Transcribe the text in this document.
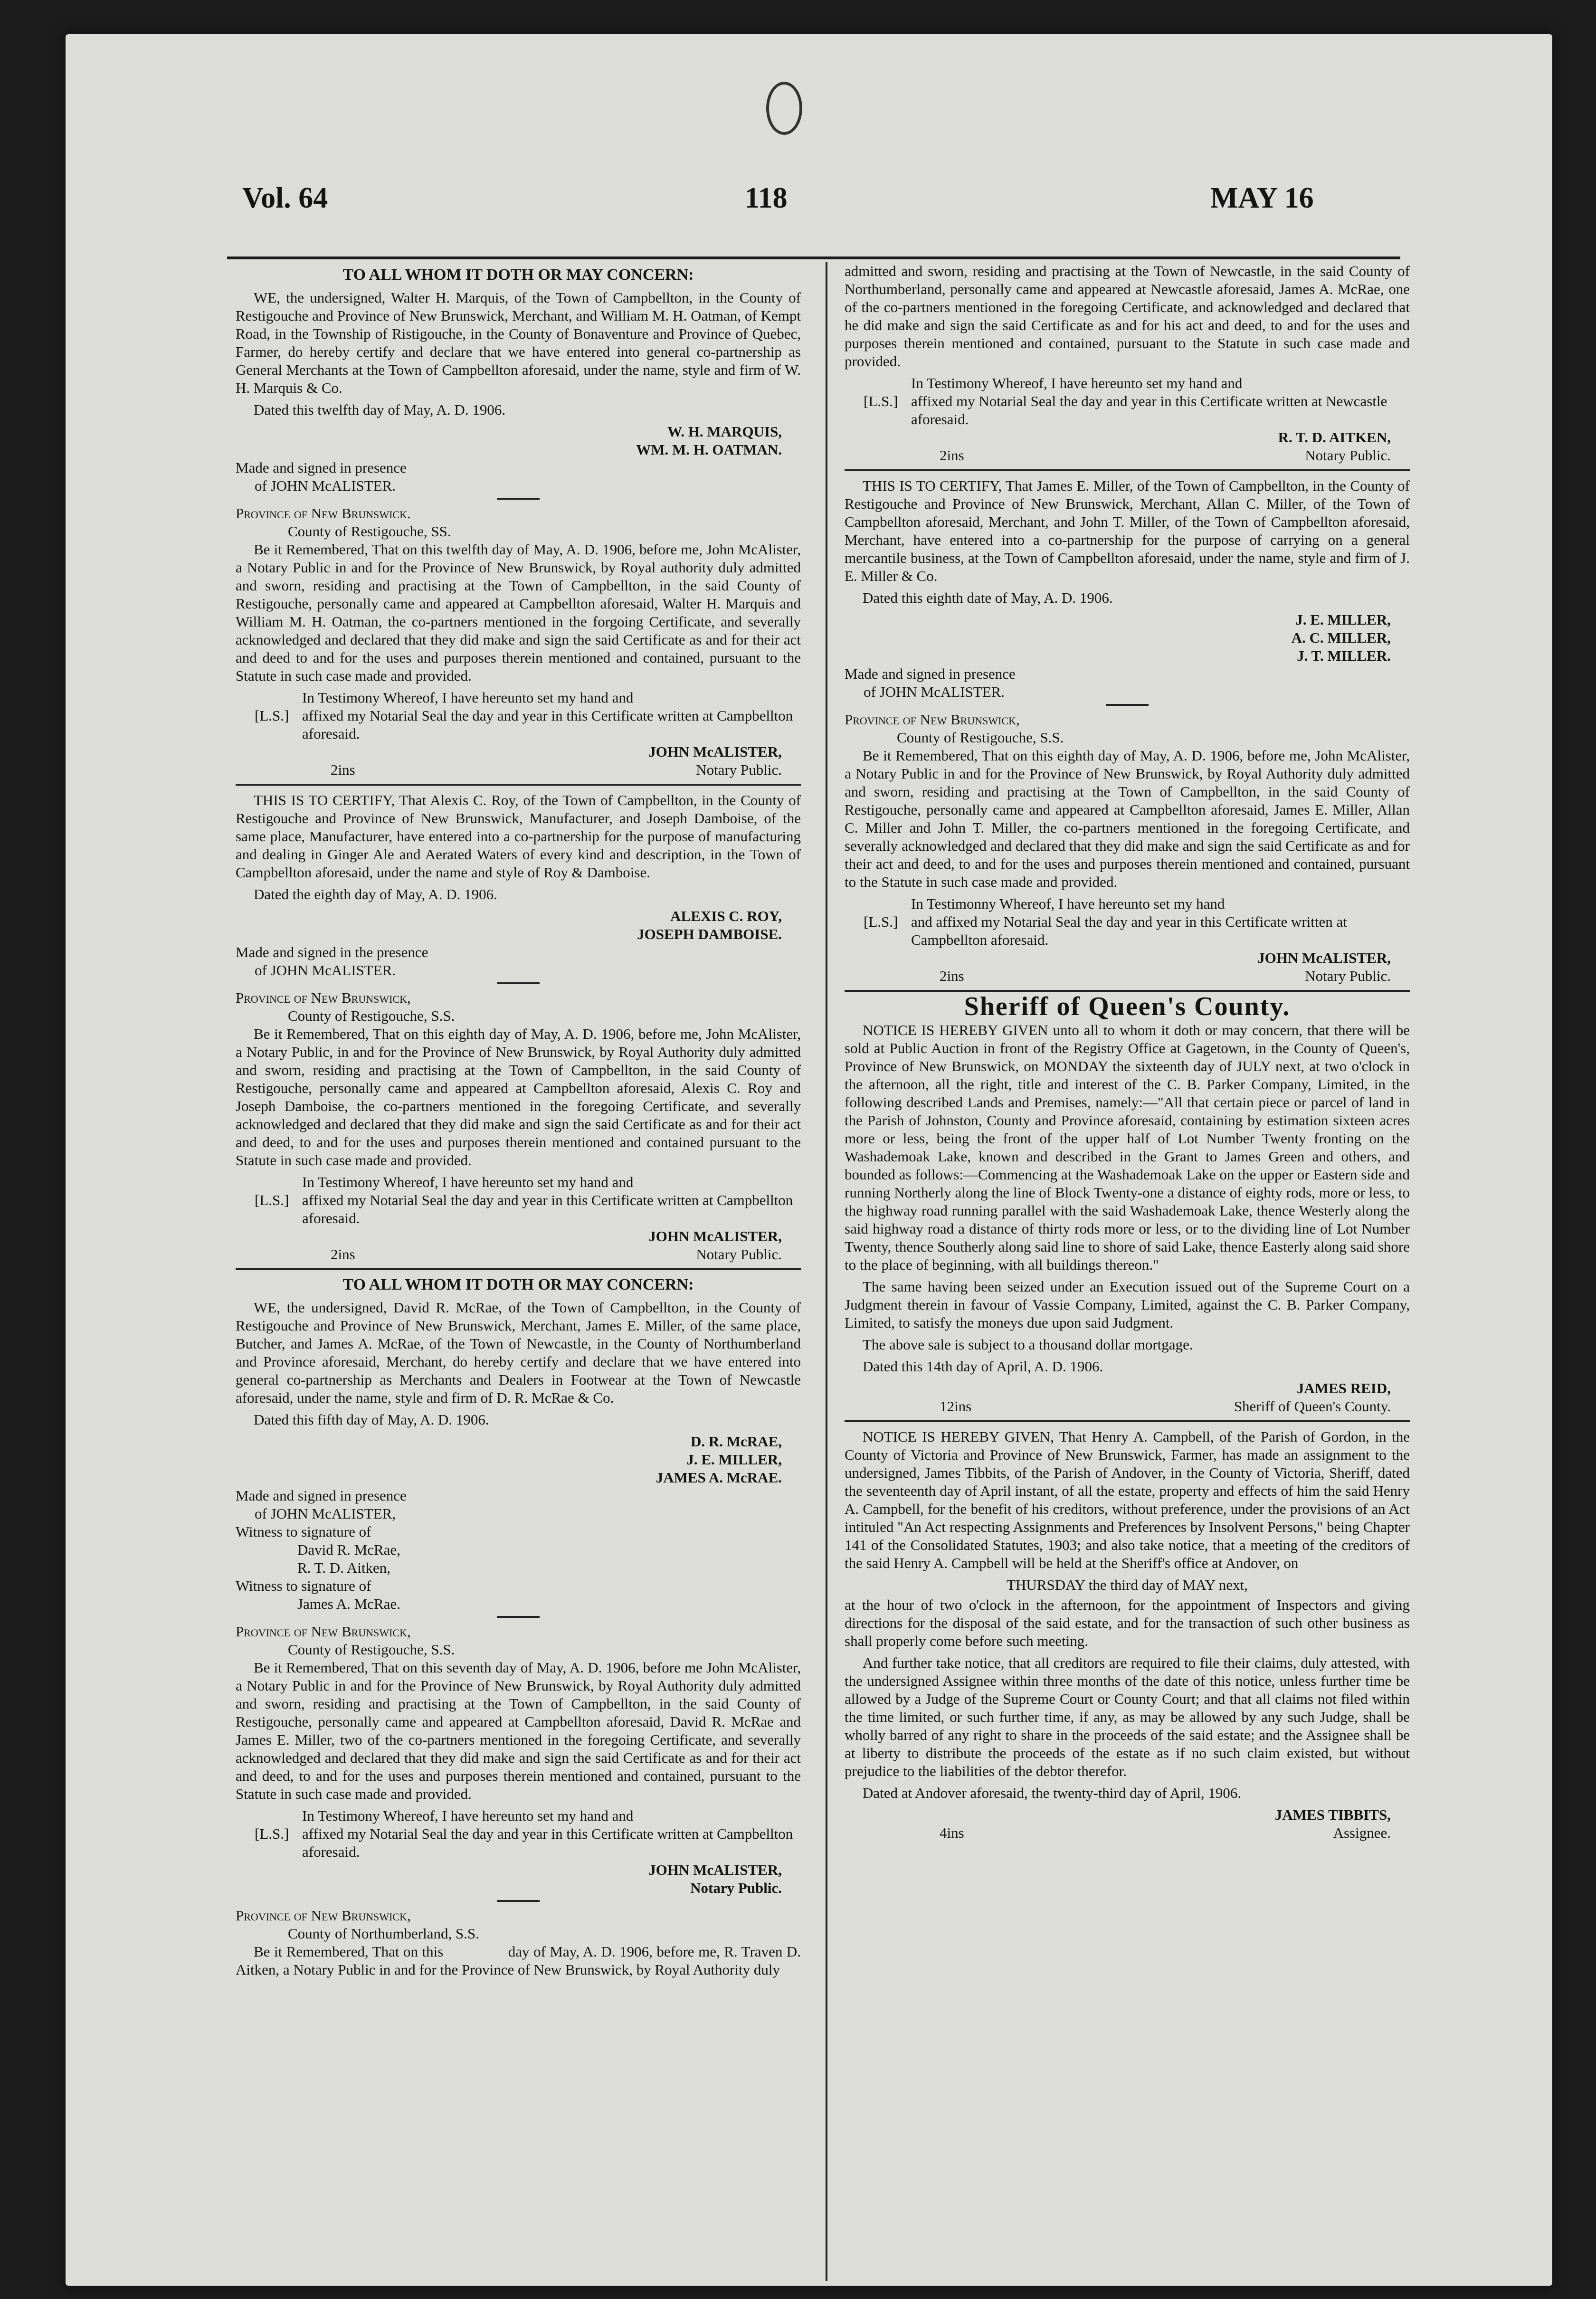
Vol. 64	118	MAY 16
TO ALL WHOM IT DOTH OR MAY CONCERN:

WE, the undersigned, Walter H. Marquis, of the Town of Campbellton, in the County of Restigouche and Province of New Brunswick, Merchant, and William M. H. Oatman, of Kempt Road, in the Township of Ristigouche, in the County of Bonaventure and Province of Quebec, Farmer, do hereby certify and declare that we have entered into general co-partnership as General Merchants at the Town of Campbellton aforesaid, under the name, style and firm of W. H. Marquis & Co.

Dated this twelfth day of May, A. D. 1906.

W. H. MARQUIS,

WM. M. H. OATMAN.

Made and signed in presence

of JOHN McALISTER.

Province of New Brunswick.

County of Restigouche, SS.

Be it Remembered, That on this twelfth day of May, A. D. 1906, before me, John McAlister, a Notary Public in and for the Province of New Brunswick, by Royal authority duly admitted and sworn, residing and practising at the Town of Campbellton, in the said County of Restigouche, personally came and appeared at Campbellton aforesaid, Walter H. Marquis and William M. H. Oatman, the co-partners mentioned in the forgoing Certificate, and severally acknowledged and declared that they did make and sign the said Certificate as and for their act and deed to and for the uses and purposes therein mentioned and contained, pursuant to the Statute in such case made and provided.

In Testimony Whereof, I have hereunto set my hand and

[L.S.] affixed my Notarial Seal the day and year in this Certificate written at Campbellton aforesaid.

JOHN McALISTER,

2ins	Notary Public.

THIS IS TO CERTIFY, That Alexis C. Roy, of the Town of Campbellton, in the County of Restigouche and Province of New Brunswick, Manufacturer, and Joseph Damboise, of the same place, Manufacturer, have entered into a co-partnership for the purpose of manufacturing and dealing in Ginger Ale and Aerated Waters of every kind and description, in the Town of Campbellton aforesaid, under the name and style of Roy & Damboise.

Dated the eighth day of May, A. D. 1906.

ALEXIS C. ROY,

JOSEPH DAMBOISE.

Made and signed in the presence

of JOHN McALISTER.

Province of New Brunswick,

County of Restigouche, S.S.

Be it Remembered, That on this eighth day of May, A. D. 1906, before me, John McAlister, a Notary Public, in and for the Province of New Brunswick, by Royal Authority duly admitted and sworn, residing and practising at the Town of Campbellton, in the said County of Restigouche, personally came and appeared at Campbellton aforesaid, Alexis C. Roy and Joseph Damboise, the co-partners mentioned in the foregoing Certificate, and severally acknowledged and declared that they did make and sign the said Certificate as and for their act and deed, to and for the uses and purposes therein mentioned and contained pursuant to the Statute in such case made and provided.

In Testimony Whereof, I have hereunto set my hand and

[L.S.] affixed my Notarial Seal the day and year in this Certificate written at Campbellton aforesaid.

JOHN McALISTER,

2ins	Notary Public.
TO ALL WHOM IT DOTH OR MAY CONCERN:

WE, the undersigned, David R. McRae, of the Town of Campbellton, in the County of Restigouche and Province of New Brunswick, Merchant, James E. Miller, of the same place, Butcher, and James A. McRae, of the Town of Newcastle, in the County of Northumberland and Province aforesaid, Merchant, do hereby certify and declare that we have entered into general co-partnership as Merchants and Dealers in Footwear at the Town of Newcastle aforesaid, under the name, style and firm of D. R. McRae & Co.

Dated this fifth day of May, A. D. 1906.

D. R. McRAE,

J. E. MILLER,

JAMES A. McRAE.

Made and signed in presence

of JOHN McALISTER,

Witness to signature of

David R. McRae,

R. T. D. Aitken,

Witness to signature of

James A. McRae.

Province of New Brunswick,

County of Restigouche, S.S.

Be it Remembered, That on this seventh day of May, A. D. 1906, before me John McAlister, a Notary Public in and for the Province of New Brunswick, by Royal Authority duly admitted and sworn, residing and practising at the Town of Campbellton, in the said County of Restigouche, personally came and appeared at Campbellton aforesaid, David R. McRae and James E. Miller, two of the co-partners mentioned in the foregoing Certificate, and severally acknowledged and declared that they did make and sign the said Certificate as and for their act and deed, to and for the uses and purposes therein mentioned and contained, pursuant to the Statute in such case made and provided.

In Testimony Whereof, I have hereunto set my hand and

[L.S.] affixed my Notarial Seal the day and year in this Certificate written at Campbellton aforesaid.

JOHN McALISTER,

Notary Public.

Province of New Brunswick,

County of Northumberland, S.S.

Be it Remembered, That on this                day of May, A. D. 1906, before me, R. Traven D. Aitken, a Notary Public in and for the Province of New Brunswick, by Royal Authority duly

admitted and sworn, residing and practising at the Town of Newcastle, in the said County of Northumberland, personally came and appeared at Newcastle aforesaid, James A. McRae, one of the co-partners mentioned in the foregoing Certificate, and acknowledged and declared that he did make and sign the said Certificate as and for his act and deed, to and for the uses and purposes therein mentioned and contained, pursuant to the Statute in such case made and provided.

In Testimony Whereof, I have hereunto set my hand and

[L.S.] affixed my Notarial Seal the day and year in this Certificate written at Newcastle aforesaid.

R. T. D. AITKEN,

2ins	Notary Public.

THIS IS TO CERTIFY, That James E. Miller, of the Town of Campbellton, in the County of Restigouche and Province of New Brunswick, Merchant, Allan C. Miller, of the Town of Campbellton aforesaid, Merchant, and John T. Miller, of the Town of Campbellton aforesaid, Merchant, have entered into a co-partnership for the purpose of carrying on a general mercantile business, at the Town of Campbellton aforesaid, under the name, style and firm of J. E. Miller & Co.

Dated this eighth date of May, A. D. 1906.

J. E. MILLER,

A. C. MILLER,

J. T. MILLER.

Made and signed in presence

of JOHN McALISTER.

Province of New Brunswick,

County of Restigouche, S.S.

Be it Remembered, That on this eighth day of May, A. D. 1906, before me, John McAlister, a Notary Public in and for the Province of New Brunswick, by Royal Authority duly admitted and sworn, residing and practising at the Town of Campbellton, in the said County of Restigouche, personally came and appeared at Campbellton aforesaid, James E. Miller, Allan C. Miller and John T. Miller, the co-partners mentioned in the foregoing Certificate, and severally acknowledged and declared that they did make and sign the said Certificate as and for their act and deed, to and for the uses and purposes therein mentioned and contained, pursuant to the Statute in such case made and provided.

In Testimonny Whereof, I have hereunto set my hand

[L.S.] and affixed my Notarial Seal the day and year in this Certificate written at Campbellton aforesaid.

JOHN McALISTER,

2ins	Notary Public.
Sheriff of Queen's County.

NOTICE IS HEREBY GIVEN unto all to whom it doth or may concern, that there will be sold at Public Auction in front of the Registry Office at Gagetown, in the County of Queen's, Province of New Brunswick, on MONDAY the sixteenth day of JULY next, at two o'clock in the afternoon, all the right, title and interest of the C. B. Parker Company, Limited, in the following described Lands and Premises, namely:—"All that certain piece or parcel of land in the Parish of Johnston, County and Province aforesaid, containing by estimation sixteen acres more or less, being the front of the upper half of Lot Number Twenty fronting on the Washademoak Lake, known and described in the Grant to James Green and others, and bounded as follows:—Commencing at the Washademoak Lake on the upper or Eastern side and running Northerly along the line of Block Twenty-one a distance of eighty rods, more or less, to the highway road running parallel with the said Washademoak Lake, thence Westerly along the said highway road a distance of thirty rods more or less, or to the dividing line of Lot Number Twenty, thence Southerly along said line to shore of said Lake, thence Easterly along said shore to the place of beginning, with all buildings thereon."

The same having been seized under an Execution issued out of the Supreme Court on a Judgment therein in favour of Vassie Company, Limited, against the C. B. Parker Company, Limited, to satisfy the moneys due upon said Judgment.

The above sale is subject to a thousand dollar mortgage.

Dated this 14th day of April, A. D. 1906.

JAMES REID,

12ins	Sheriff of Queen's County.

NOTICE IS HEREBY GIVEN, That Henry A. Campbell, of the Parish of Gordon, in the County of Victoria and Province of New Brunswick, Farmer, has made an assignment to the undersigned, James Tibbits, of the Parish of Andover, in the County of Victoria, Sheriff, dated the seventeenth day of April instant, of all the estate, property and effects of him the said Henry A. Campbell, for the benefit of his creditors, without preference, under the provisions of an Act intituled "An Act respecting Assignments and Preferences by Insolvent Persons," being Chapter 141 of the Consolidated Statutes, 1903; and also take notice, that a meeting of the creditors of the said Henry A. Campbell will be held at the Sheriff's office at Andover, on

THURSDAY the third day of MAY next,

at the hour of two o'clock in the afternoon, for the appointment of Inspectors and giving directions for the disposal of the said estate, and for the transaction of such other business as shall properly come before such meeting.

And further take notice, that all creditors are required to file their claims, duly attested, with the undersigned Assignee within three months of the date of this notice, unless further time be allowed by a Judge of the Supreme Court or County Court; and that all claims not filed within the time limited, or such further time, if any, as may be allowed by any such Judge, shall be wholly barred of any right to share in the proceeds of the said estate; and the Assignee shall be at liberty to distribute the proceeds of the estate as if no such claim existed, but without prejudice to the liabilities of the debtor therefor.

Dated at Andover aforesaid, the twenty-third day of April, 1906.

JAMES TIBBITS,

4ins	Assignee.
